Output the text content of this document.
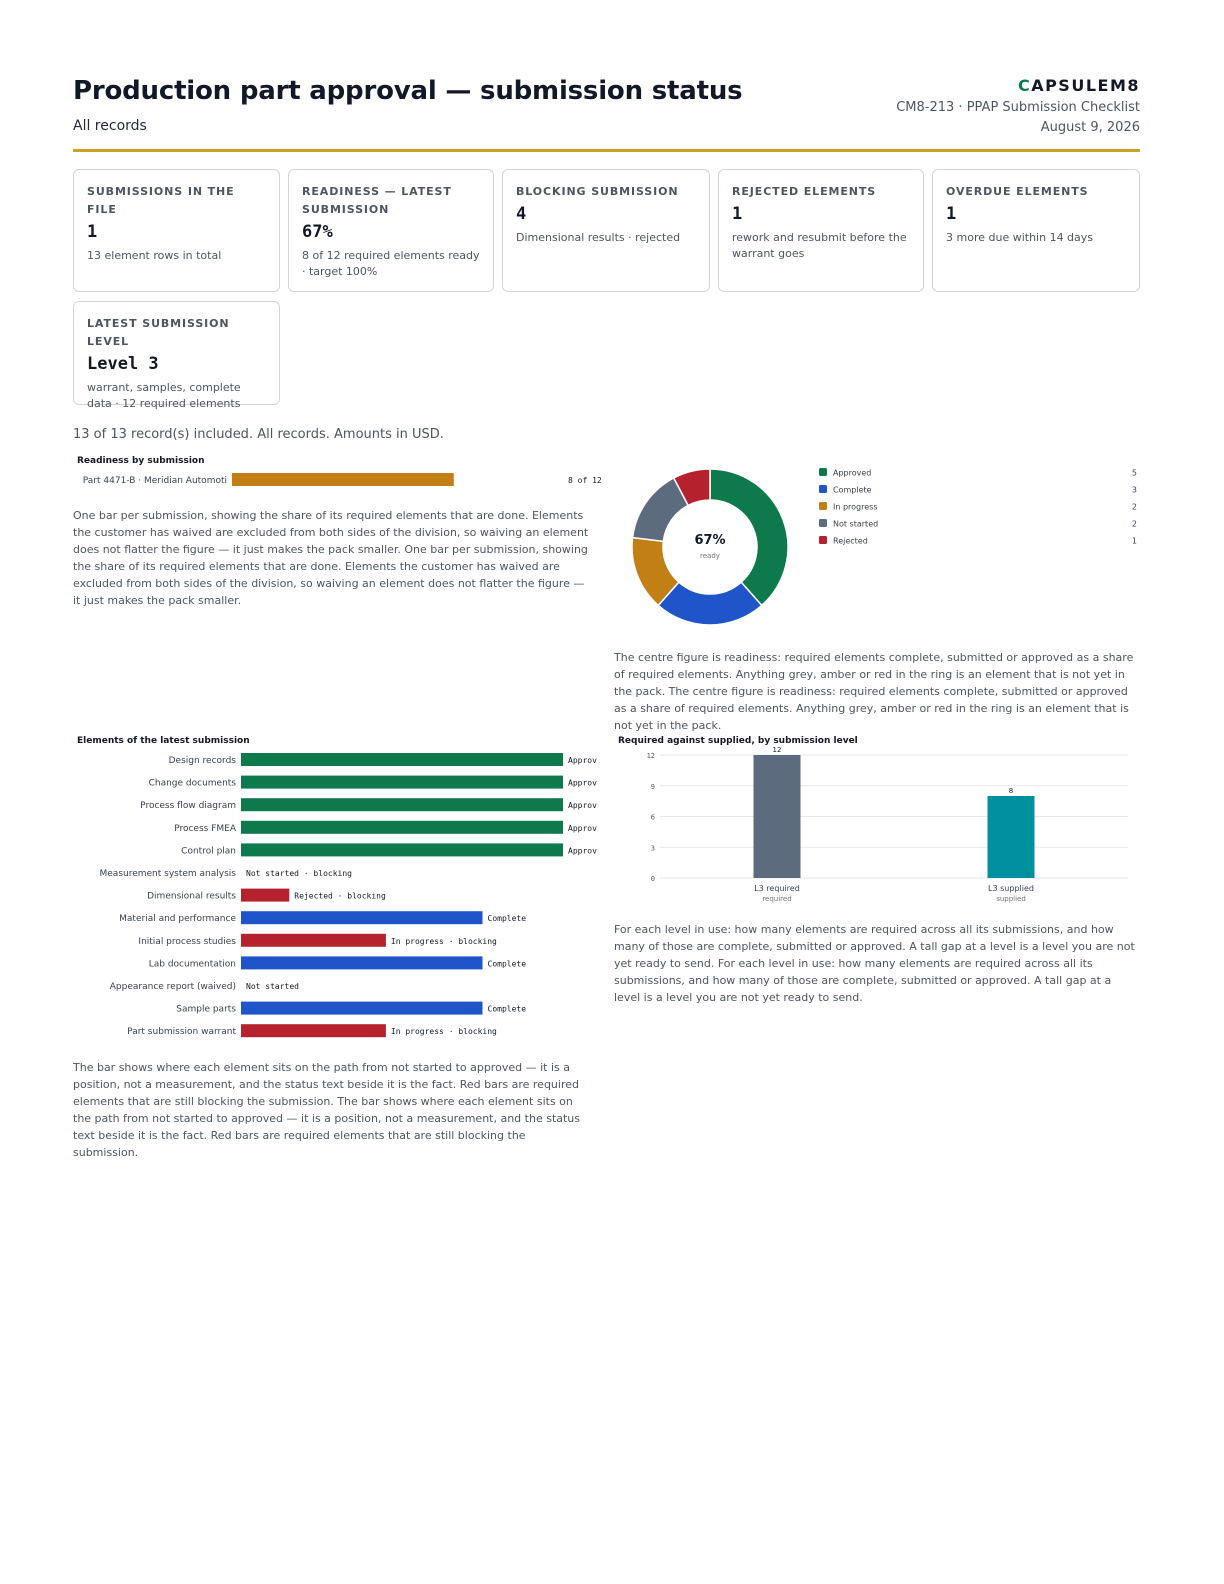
Production part approval — submission status
All records
CAPSULEM8
CM8-213 · PPAP Submission Checklist
August 9, 2026
SUBMISSIONS IN THE FILE
1
13 element rows in total
READINESS — LATEST SUBMISSION
67%
8 of 12 required elements ready · target 100%
BLOCKING SUBMISSION
4
Dimensional results · rejected
REJECTED ELEMENTS
1
rework and resubmit before the warrant goes
OVERDUE ELEMENTS
1
3 more due within 14 days
LATEST SUBMISSION LEVEL
Level 3
warrant, samples, complete data · 12 required elements
13 of 13 record(s) included. All records. Amounts in USD.
Readiness by submission
Part 4471-B · Meridian Automoti	8 of 12

One bar per submission, showing the share of its required elements that are done. Elements the customer has waived are excluded from both sides of the division, so waiving an element does not flatter the figure — it just makes the pack smaller. One bar per submission, showing the share of its required elements that are done. Elements the customer has waived are excluded from both sides of the division, so waiving an element does not flatter the figure — it just makes the pack smaller.

67%
ready
Approved	5
Complete	3
In progress	2
Not started	2
Rejected	1

The centre figure is readiness: required elements complete, submitted or approved as a share of required elements. Anything grey, amber or red in the ring is an element that is not yet in the pack. The centre figure is readiness: required elements complete, submitted or approved as a share of required elements. Anything grey, amber or red in the ring is an element that is not yet in the pack.

Elements of the latest submission
Design records	Approv
Change documents	Approv
Process flow diagram	Approv
Process FMEA	Approv
Control plan	Approv
Measurement system analysis Not started · blocking
Dimensional results	Rejected · blocking
Material and performance	Complete
Initial process studies	In progress · blocking
Lab documentation	Complete
Appearance report (waived) Not started
Sample parts	Complete
Part submission warrant	In progress · blocking

The bar shows where each element sits on the path from not started to approved — it is a position, not a measurement, and the status text beside it is the fact. Red bars are required elements that are still blocking the submission. The bar shows where each element sits on the path from not started to approved — it is a position, not a measurement, and the status text beside it is the fact. Red bars are required elements that are still blocking the submission.

Required against supplied, by submission level
0
3
6
9
12
12
L3 required
required
8
L3 supplied
supplied

For each level in use: how many elements are required across all its submissions, and how many of those are complete, submitted or approved. A tall gap at a level is a level you are not yet ready to send. For each level in use: how many elements are required across all its submissions, and how many of those are complete, submitted or approved. A tall gap at a level is a level you are not yet ready to send.
